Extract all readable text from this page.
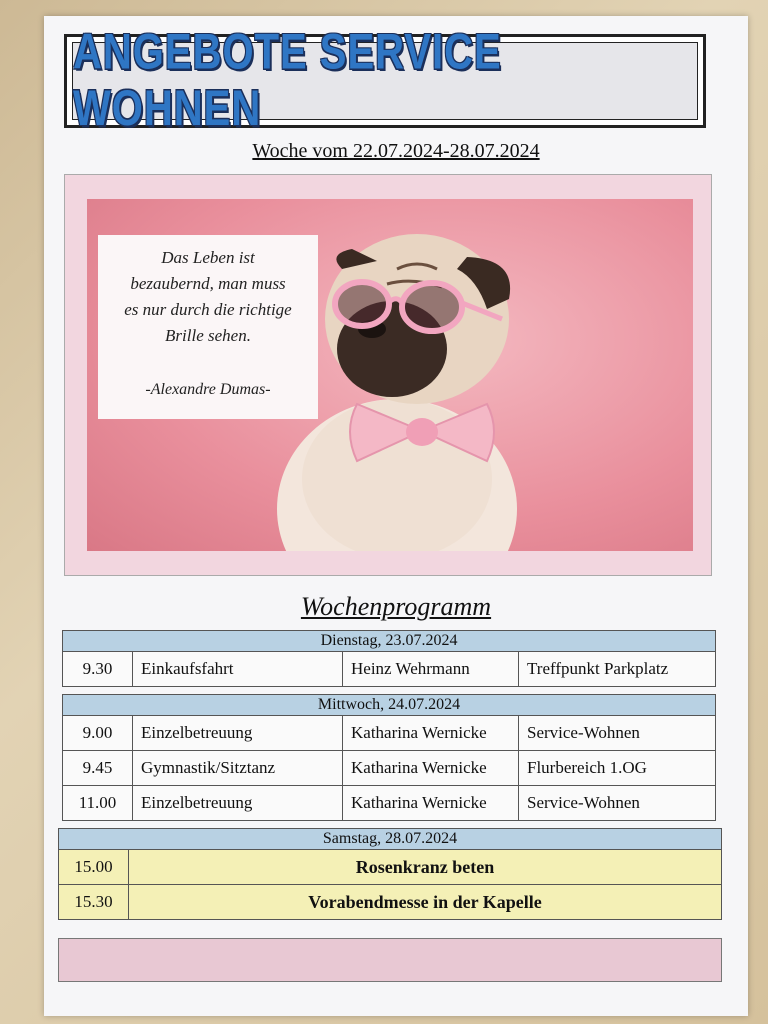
ANGEBOTE SERVICE WOHNEN
Woche vom 22.07.2024-28.07.2024
Das Leben ist
bezaubernd, man muss
es nur durch die richtige
Brille sehen.
-Alexandre Dumas-
Wochenprogramm
Dienstag, 23.07.2024
9.30	Einkaufsfahrt	Heinz Wehrmann	Treffpunkt Parkplatz
Mittwoch, 24.07.2024
9.00	Einzelbetreuung	Katharina Wernicke	Service-Wohnen
9.45	Gymnastik/Sitztanz	Katharina Wernicke	Flurbereich 1.OG
11.00	Einzelbetreuung	Katharina Wernicke	Service-Wohnen
Samstag, 28.07.2024
15.00	Rosenkranz beten
15.30	Vorabendmesse in der Kapelle
